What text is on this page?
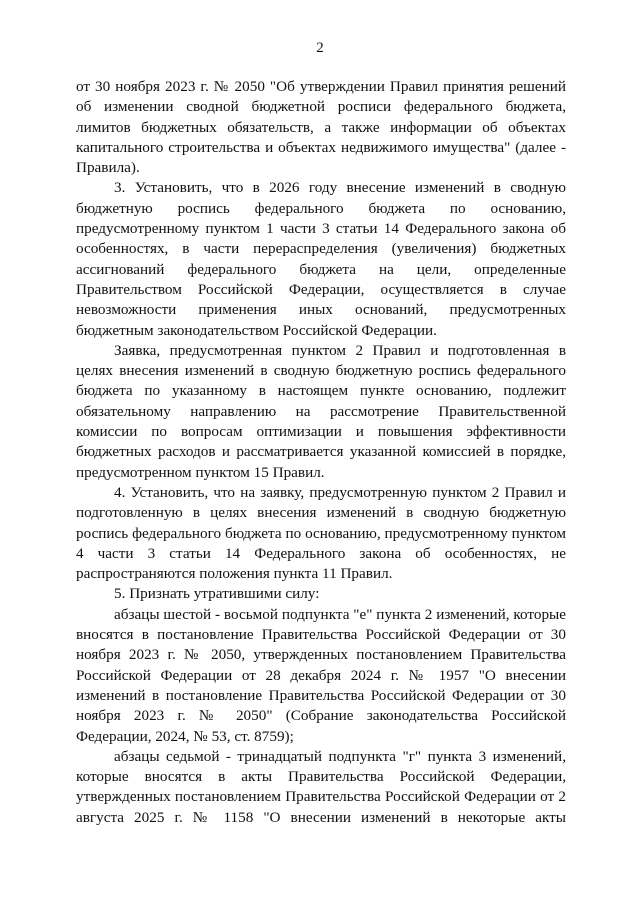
2

от 30 ноября 2023 г. № 2050 "Об утверждении Правил принятия решений об изменении сводной бюджетной росписи федерального бюджета, лимитов бюджетных обязательств, а также информации об объектах капитального строительства и объектах недвижимого имущества" (далее - Правила).

3. Установить, что в 2026 году внесение изменений в сводную бюджетную роспись федерального бюджета по основанию, предусмотренному пунктом 1 части 3 статьи 14 Федерального закона об особенностях, в части перераспределения (увеличения) бюджетных ассигнований федерального бюджета на цели, определенные Правительством Российской Федерации, осуществляется в случае невозможности применения иных оснований, предусмотренных бюджетным законодательством Российской Федерации.

Заявка, предусмотренная пунктом 2 Правил и подготовленная в целях внесения изменений в сводную бюджетную роспись федерального бюджета по указанному в настоящем пункте основанию, подлежит обязательному направлению на рассмотрение Правительственной комиссии по вопросам оптимизации и повышения эффективности бюджетных расходов и рассматривается указанной комиссией в порядке, предусмотренном пунктом 15 Правил.

4. Установить, что на заявку, предусмотренную пунктом 2 Правил и подготовленную в целях внесения изменений в сводную бюджетную роспись федерального бюджета по основанию, предусмотренному пунктом 4 части 3 статьи 14 Федерального закона об особенностях, не распространяются положения пункта 11 Правил.

5. Признать утратившими силу:

абзацы шестой - восьмой подпункта "е" пункта 2 изменений, которые вносятся в постановление Правительства Российской Федерации от 30 ноября 2023 г. № 2050, утвержденных постановлением Правительства Российской Федерации от 28 декабря 2024 г. № 1957 "О внесении изменений в постановление Правительства Российской Федерации от 30 ноября 2023 г. № 2050" (Собрание законодательства Российской Федерации, 2024, № 53, ст. 8759);

абзацы седьмой - тринадцатый подпункта "г" пункта 3 изменений, которые вносятся в акты Правительства Российской Федерации, утвержденных постановлением Правительства Российской Федерации от 2 августа 2025 г. № 1158 "О внесении изменений в некоторые акты
